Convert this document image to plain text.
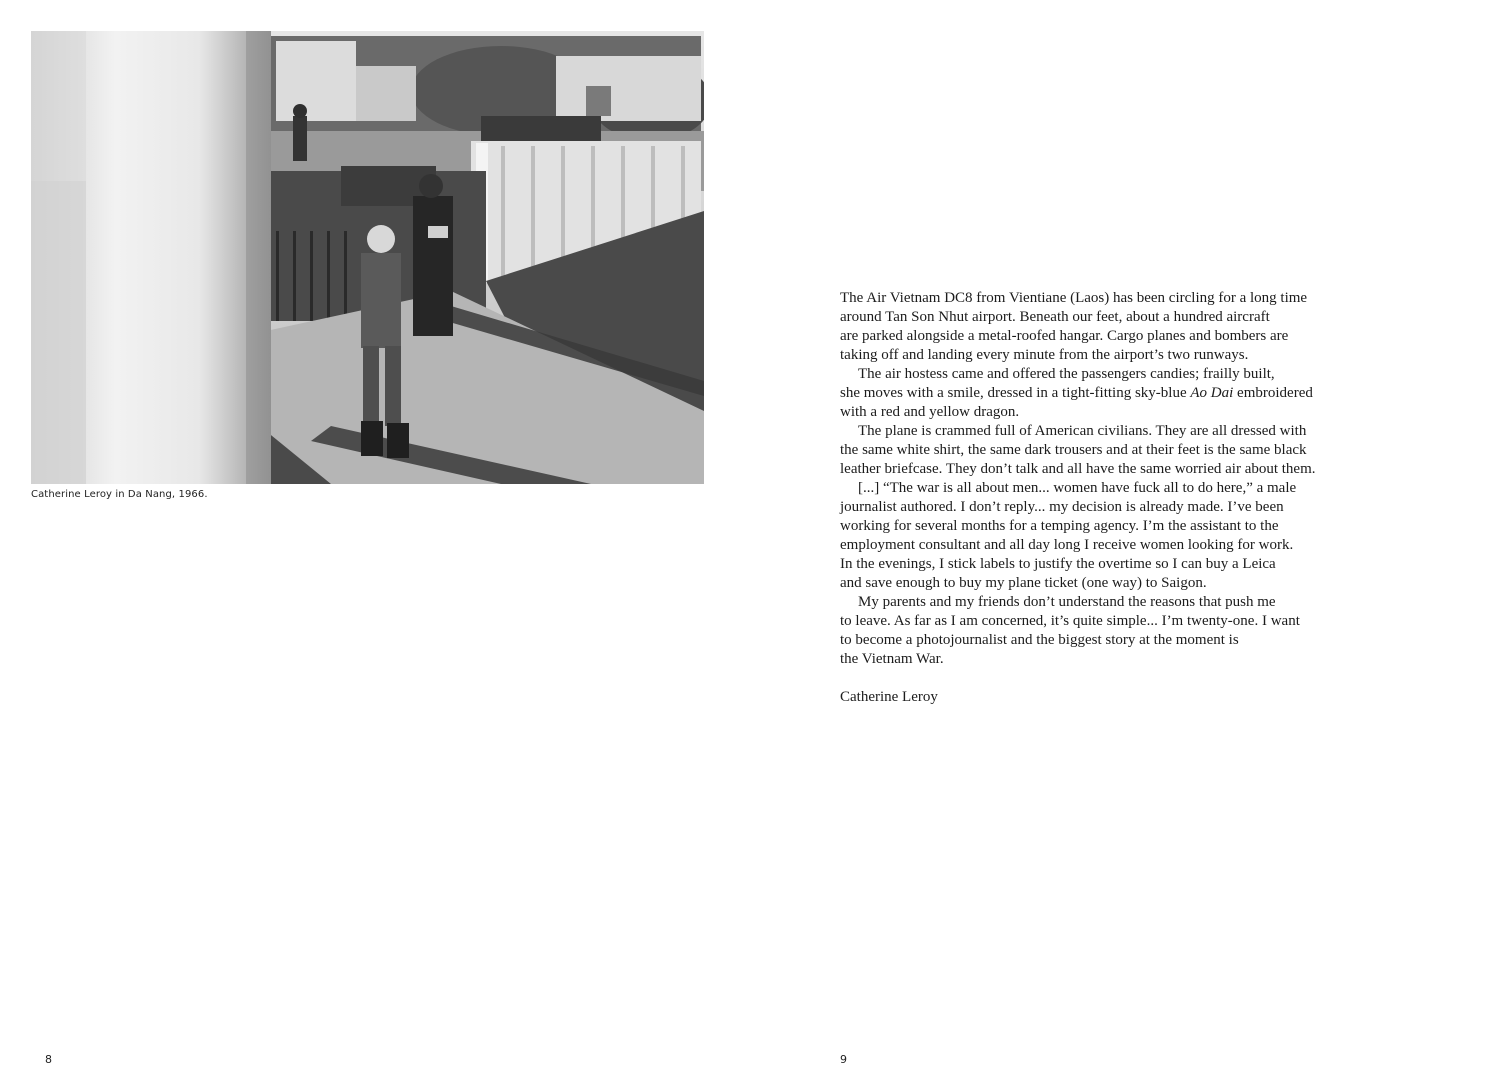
Catherine Leroy in Da Nang, 1966.
8
The Air Vietnam DC8 from Vientiane (Laos) has been circling for a long time
around Tan Son Nhut airport. Beneath our feet, about a hundred aircraft
are parked alongside a metal-roofed hangar. Cargo planes and bombers are
taking off and landing every minute from the airport’s two runways.
The air hostess came and offered the passengers candies; frailly built,
she moves with a smile, dressed in a tight-fitting sky-blue Ao Dai embroidered
with a red and yellow dragon.
The plane is crammed full of American civilians. They are all dressed with
the same white shirt, the same dark trousers and at their feet is the same black
leather briefcase. They don’t talk and all have the same worried air about them.
[...] “The war is all about men... women have fuck all to do here,” a male
journalist authored. I don’t reply... my decision is already made. I’ve been
working for several months for a temping agency. I’m the assistant to the
employment consultant and all day long I receive women looking for work.
In the evenings, I stick labels to justify the overtime so I can buy a Leica
and save enough to buy my plane ticket (one way) to Saigon.
My parents and my friends don’t understand the reasons that push me
to leave. As far as I am concerned, it’s quite simple... I’m twenty-one. I want
to become a photojournalist and the biggest story at the moment is
the Vietnam War.
Catherine Leroy
9
